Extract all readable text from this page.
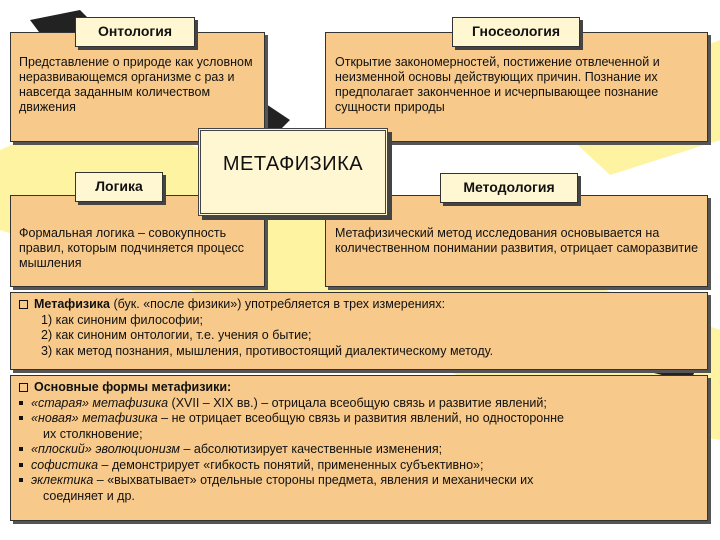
Представление о природе как условном неразвивающемся организме с раз и навсегда заданным количеством движения
Онтология
Открытие закономерностей, постижение отвлеченной и неизменной основы действующих причин. Познание их предполагает законченное и исчерпывающее познание сущности природы
Гносеология
Формальная логика – совокупность правил, которым подчиняется процесс мышления
Логика
Метафизический метод исследования основывается на количественном понимании развития, отрицает саморазвитие
Методология
МЕТАФИЗИКА
Метафизика (бук. «после физики») употребляется в трех измерениях:
1) как синоним философии;
2) как синоним онтологии, т.е. учения о бытие;
3) как метод познания, мышления, противостоящий диалектическому методу.
Основные формы метафизики:
«старая» метафизика (XVII – XIX вв.) – отрицала всеобщую связь и развитие явлений;
«новая» метафизика – не отрицает всеобщую связь и развития явлений, но односторонне
их столкновение;
«плоский» эволюционизм – абсолютизирует качественные изменения;
софистика – демонстрирует «гибкость понятий, примененных субъективно»;
эклектика – «выхватывает» отдельные стороны предмета, явления и механически их
соединяет и др.
